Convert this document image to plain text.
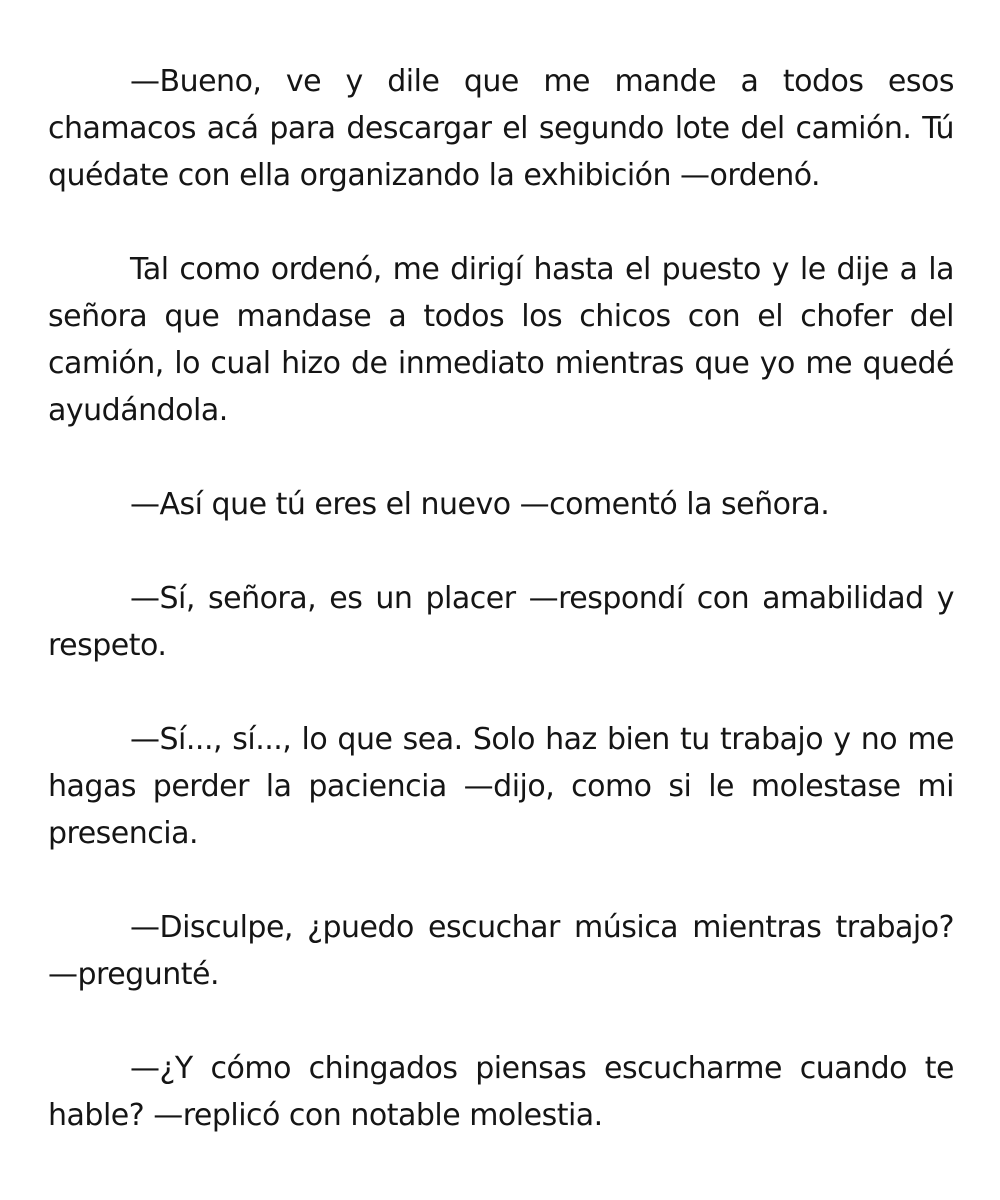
—Bueno, ve y dile que me mande a todos esos chamacos acá para descargar el segundo lote del camión. Tú quédate con ella organizando la exhibición —ordenó.

Tal como ordenó, me dirigí hasta el puesto y le dije a la señora que mandase a todos los chicos con el chofer del camión, lo cual hizo de inmediato mientras que yo me quedé ayudándola.

—Así que tú eres el nuevo —comentó la señora.

—Sí, señora, es un placer —respondí con amabilidad y respeto.

—Sí..., sí..., lo que sea. Solo haz bien tu trabajo y no me hagas perder la paciencia —dijo, como si le molestase mi presencia.

—Disculpe, ¿puedo escuchar música mientras trabajo? —pregunté.

—¿Y cómo chingados piensas escucharme cuando te hable? —replicó con notable molestia.
